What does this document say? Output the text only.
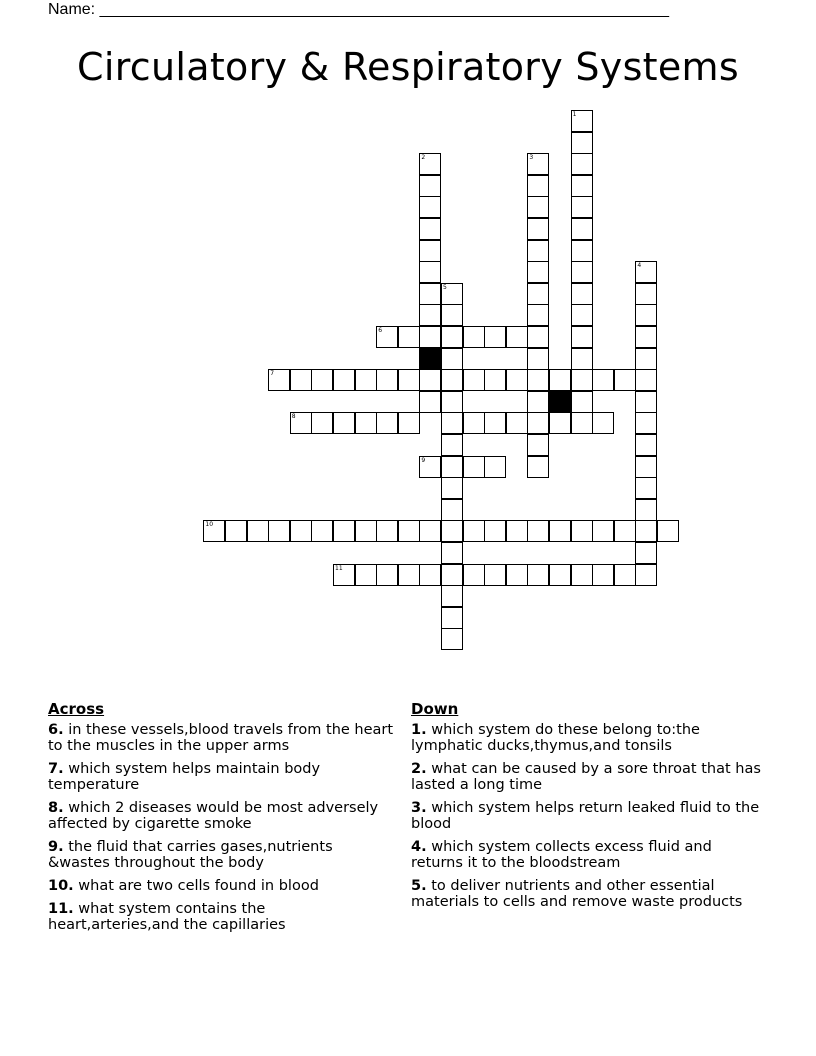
Name: ________________________________________________________________
Circulatory & Respiratory Systems
1
2	3
4
5
6
7
8
9
10
11
Across
6. in these vessels,blood travels from the heart to the muscles in the upper arms
7. which system helps maintain body temperature
8. which 2 diseases would be most adversely affected by cigarette smoke
9. the fluid that carries gases,nutrients &wastes throughout the body
10. what are two cells found in blood
11. what system contains the heart,arteries,and the capillaries
Down
1. which system do these belong to:the lymphatic ducks,thymus,and tonsils
2. what can be caused by a sore throat that has lasted a long time
3. which system helps return leaked fluid to the blood
4. which system collects excess fluid and returns it to the bloodstream
5. to deliver nutrients and other essential materials to cells and remove waste products
